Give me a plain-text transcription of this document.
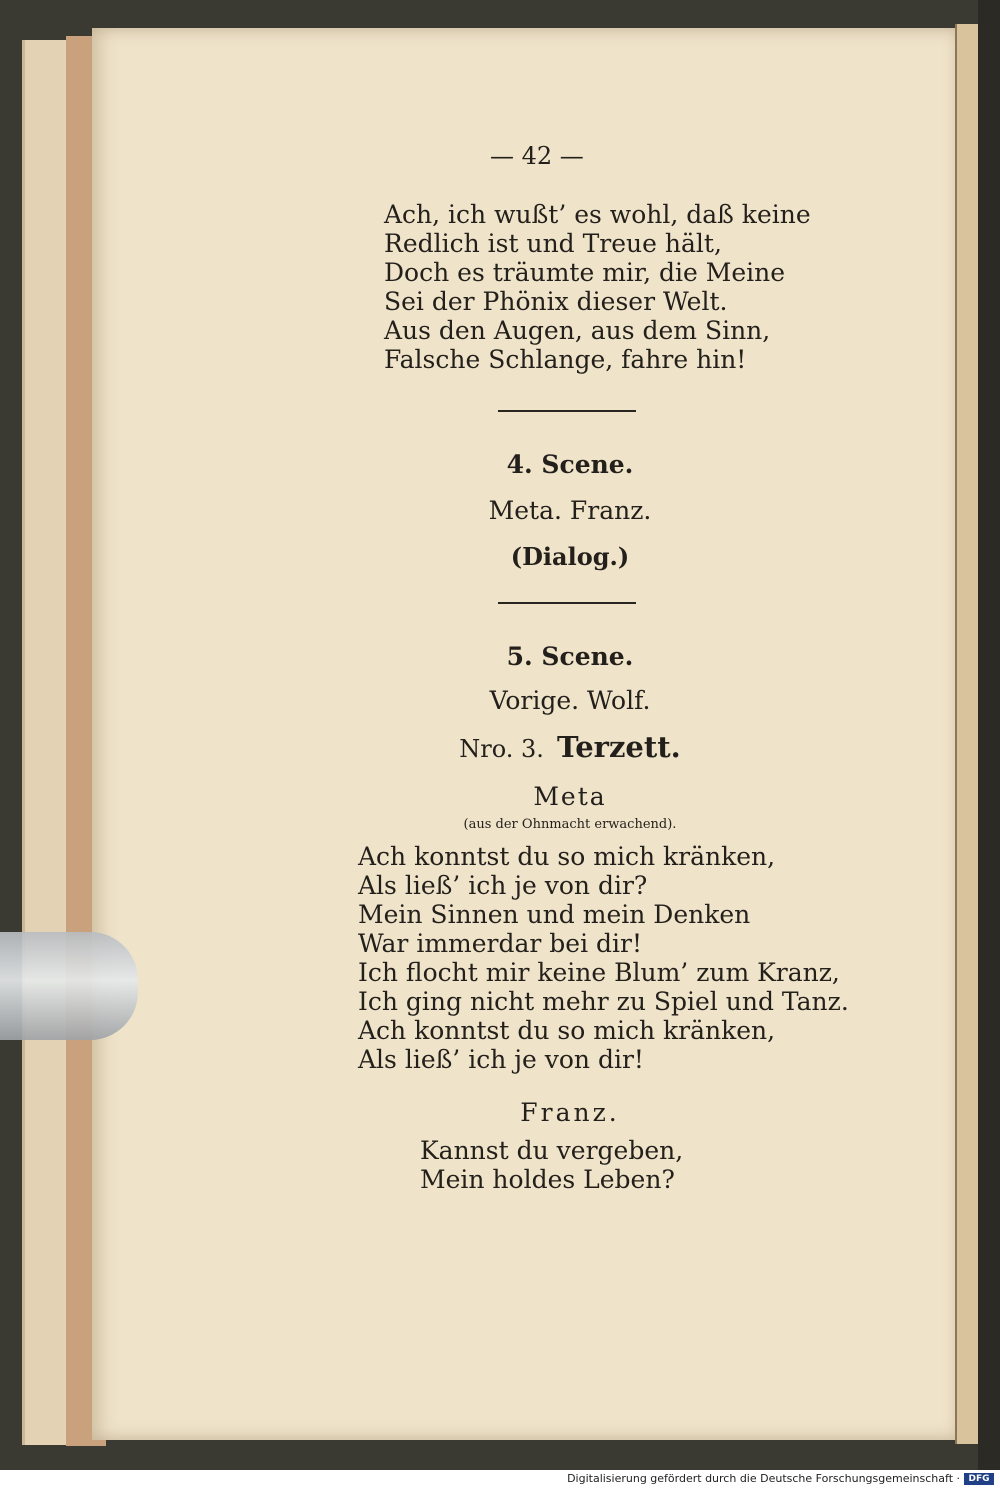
— 42 —
Ach, ich wußt’ es wohl, daß keine
Redlich ist und Treue hält,
Doch es träumte mir, die Meine
Sei der Phönix dieser Welt.
Aus den Augen, aus dem Sinn,
Falsche Schlange, fahre hin!
4. Scene.
Meta. Franz.
(Dialog.)
5. Scene.
Vorige. Wolf.
Nro. 3. Terzett.
Meta
(aus der Ohnmacht erwachend).
Ach konntst du so mich kränken,
Als ließ’ ich je von dir?
Mein Sinnen und mein Denken
War immerdar bei dir!
Ich flocht mir keine Blum’ zum Kranz,
Ich ging nicht mehr zu Spiel und Tanz.
Ach konntst du so mich kränken,
Als ließ’ ich je von dir!
Franz.
Kannst du vergeben,
Mein holdes Leben?
Digitalisierung gefördert durch die Deutsche Forschungsgemeinschaft · DFG
